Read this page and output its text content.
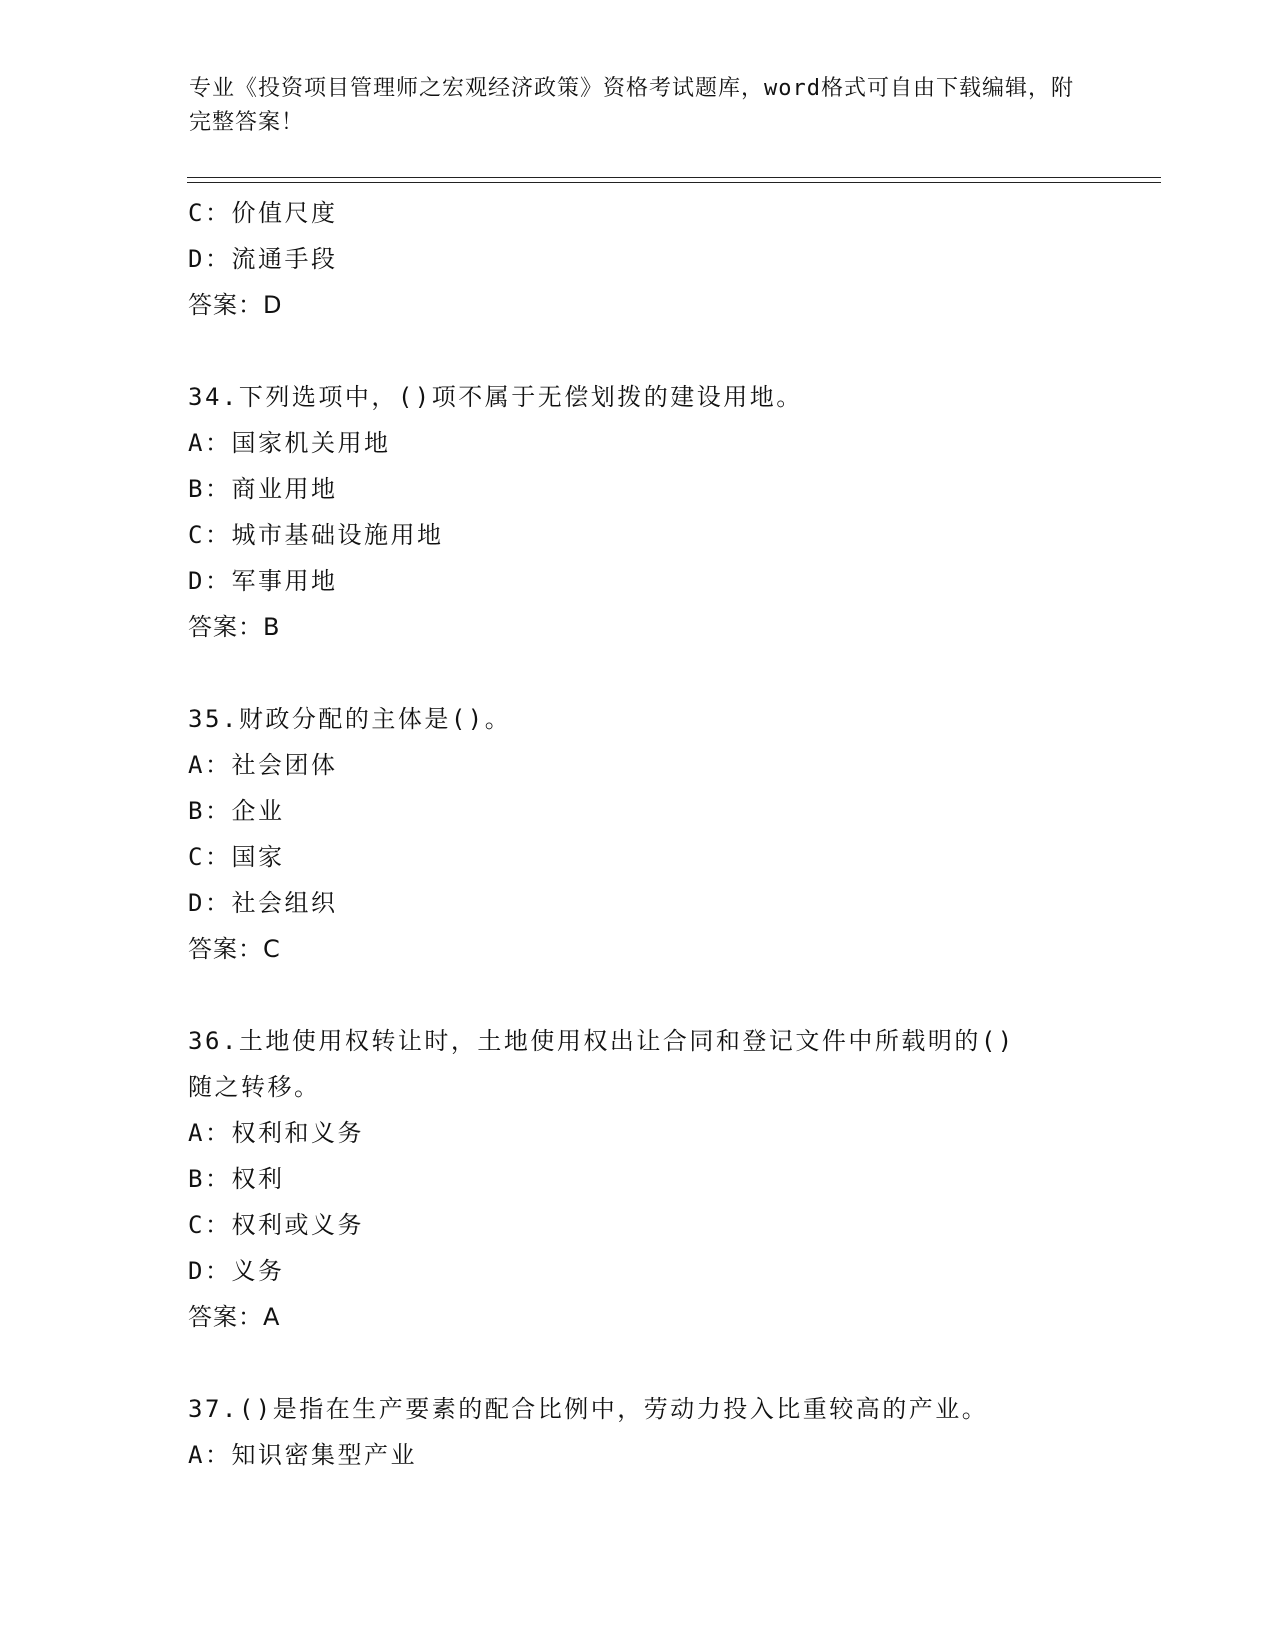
专业《投资项目管理师之宏观经济政策》资格考试题库，word格式可自由下载编辑，附完整答案！
C：价值尺度
D：流通手段
答案：D
34.下列选项中，()项不属于无偿划拨的建设用地。
A：国家机关用地
B：商业用地
C：城市基础设施用地
D：军事用地
答案：B
35.财政分配的主体是()。
A：社会团体
B：企业
C：国家
D：社会组织
答案：C
36.土地使用权转让时，土地使用权出让合同和登记文件中所载明的()
随之转移。
A：权利和义务
B：权利
C：权利或义务
D：义务
答案：A
37.()是指在生产要素的配合比例中，劳动力投入比重较高的产业。
A：知识密集型产业
